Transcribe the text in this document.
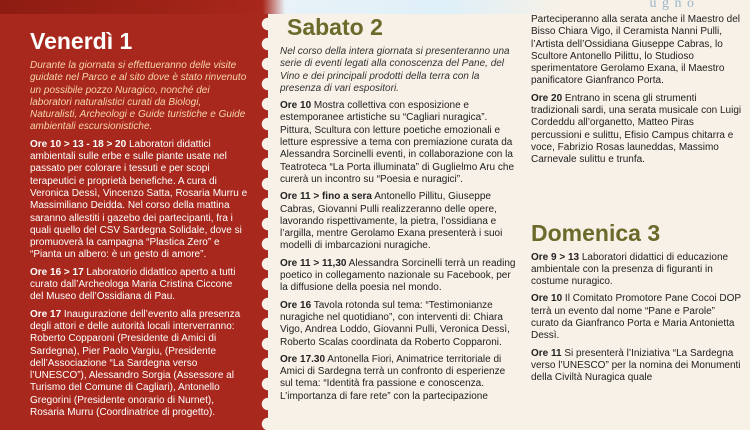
u g n o
Venerdì 1

Durante la giornata si effettueranno delle visite guidate nel Parco e al sito dove è stato rinvenuto un possibile pozzo Nuragico, nonché dei laboratori naturalistici curati da Biologi, Naturalisti, Archeologi e Guide turistiche e Guide ambientali escursionistiche.

Ore 10 > 13 - 18 > 20 Laboratori didattici ambientali sulle erbe e sulle piante usate nel passato per colorare i tessuti e per scopi terapeutici e proprietà benefiche. A cura di Veronica Dessì, Vincenzo Satta, Rosaria Murru e Massimiliano Deidda. Nel corso della mattina saranno allestiti i gazebo dei partecipanti, fra i quali quello del CSV Sardegna Solidale, dove si promuoverà la campagna “Plastica Zero” e “Pianta un albero: è un gesto di amore”.

Ore 16 > 17 Laboratorio didattico aperto a tutti curato dall’Archeologa Maria Cristina Ciccone del Museo dell’Ossidiana di Pau.

Ore 17 Inaugurazione dell’evento alla presenza degli attori e delle autorità locali interverranno: Roberto Copparoni (Presidente di Amici di Sardegna), Pier Paolo Vargiu, (Presidente dell’Associazione “La Sardegna verso l’UNESCO”), Alessandro Sorgia (Assessore al Turismo del Comune di Cagliari), Antonello Gregorini (Presidente onorario di Nurnet), Rosaria Murru (Coordinatrice di progetto).

Sabato 2

Nel corso della intera giornata si presenteranno una serie di eventi legati alla conoscenza del Pane, del Vino e dei principali prodotti della terra con la presenza di vari espositori.

Ore 10 Mostra collettiva con esposizione e estemporanee artistiche su “Cagliari nuragica”. Pittura, Scultura con letture poetiche emozionali e letture espressive a tema con premiazione curata da Alessandra Sorcinelli eventi, in collaborazione con la Teatroteca “La Porta illuminata” di Guglielmo Aru che curerà un incontro su “Poesia e nuragici”.

Ore 11 > fino a sera Antonello Pillitu, Giuseppe Cabras, Giovanni Pulli realizzeranno delle opere, lavorando rispettivamente, la pietra, l’ossidiana e l’argilla, mentre Gerolamo Exana presenterà i suoi modelli di imbarcazioni nuragiche.

Ore 11 > 11,30 Alessandra Sorcinelli terrà un reading poetico in collegamento nazionale su Facebook, per la diffusione della poesia nel mondo.

Ore 16 Tavola rotonda sul tema: “Testimonianze nuragiche nel quotidiano”, con interventi di: Chiara Vigo, Andrea Loddo, Giovanni Pulli, Veronica Dessì, Roberto Scalas coordinata da Roberto Copparoni.

Ore 17.30 Antonella Fiori, Animatrice territoriale di Amici di Sardegna terrà un confronto di esperienze sul tema: “Identità fra passione e conoscenza. L’importanza di fare rete” con la partecipazione

Parteciperanno alla serata anche il Maestro del Bisso Chiara Vigo, il Ceramista Nanni Pulli, l’Artista dell’Ossidiana Giuseppe Cabras, lo Scultore Antonello Pilittu, lo Studioso sperimentatore Gerolamo Exana, il Maestro panificatore Gianfranco Porta.

Ore 20 Entrano in scena gli strumenti tradizionali sardi, una serata musicale con Luigi Cordeddu all’organetto, Matteo Piras percussioni e sulittu, Efisio Campus chitarra e voce, Fabrizio Rosas launeddas, Massimo Carnevale sulittu e trunfa.

Domenica 3

Ore 9 > 13 Laboratori didattici di educazione ambientale con la presenza di figuranti in costume nuragico.

Ore 10 Il Comitato Promotore Pane Cocoi DOP terrà un evento dal nome “Pane e Parole” curato da Gianfranco Porta e Maria Antonietta Dessì.

Ore 11 Si presenterà l’Iniziativa “La Sardegna verso l’UNESCO” per la nomina dei Monumenti della Civiltà Nuragica quale
